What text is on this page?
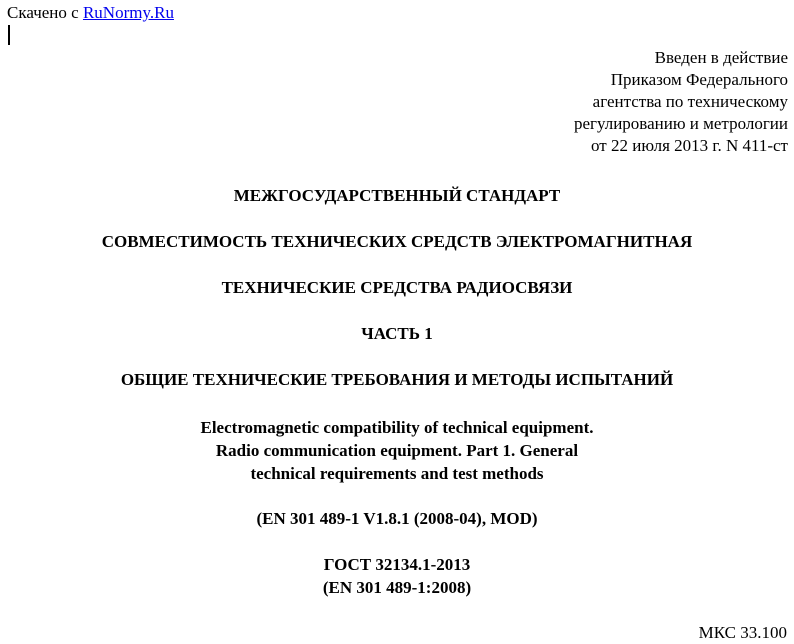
Скачено с RuNormy.Ru
Введен в действие
Приказом Федерального
агентства по техническому
регулированию и метрологии
от 22 июля 2013 г. N 411-ст
МЕЖГОСУДАРСТВЕННЫЙ СТАНДАРТ
СОВМЕСТИМОСТЬ ТЕХНИЧЕСКИХ СРЕДСТВ ЭЛЕКТРОМАГНИТНАЯ
ТЕХНИЧЕСКИЕ СРЕДСТВА РАДИОСВЯЗИ
ЧАСТЬ 1
ОБЩИЕ ТЕХНИЧЕСКИЕ ТРЕБОВАНИЯ И МЕТОДЫ ИСПЫТАНИЙ
Electromagnetic compatibility of technical equipment.
Radio communication equipment. Part 1. General
technical requirements and test methods
(EN 301 489-1 V1.8.1 (2008-04), MOD)
ГОСТ 32134.1-2013
(EN 301 489-1:2008)
МКС 33.100
